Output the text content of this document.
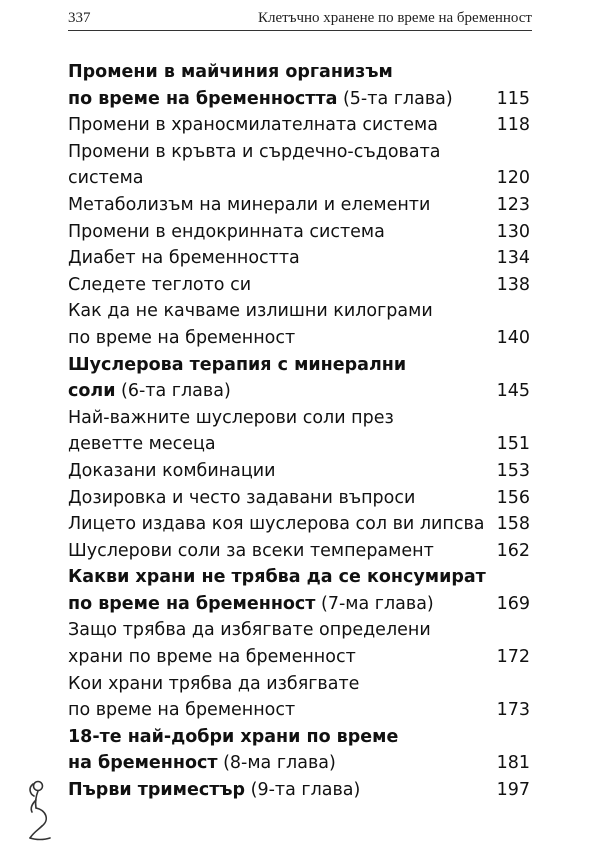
337	Клетъчно хранене по време на бременност
Промени в майчиния организъм
по време на бременността (5-та глава)	115
Промени в храносмилателната система	118
Промени в кръвта и сърдечно-съдовата
система	120
Метаболизъм на минерали и елементи	123
Промени в ендокринната система	130
Диабет на бременността	134
Следете теглото си	138
Как да не качваме излишни килограми
по време на бременност	140
Шуслерова терапия с минерални
соли (6-та глава)	145
Най-важните шуслерови соли през
деветте месеца	151
Доказани комбинации	153
Дозировка и често задавани въпроси	156
Лицето издава коя шуслерова сол ви липсва 158
Шуслерови соли за всеки темперамент	162
Какви храни не трябва да се консумират
по време на бременност (7-ма глава)	169
Защо трябва да избягвате определени
храни по време на бременност	172
Кои храни трябва да избягвате
по време на бременност	173
18-те най-добри храни по време
на бременност (8-ма глава)	181
Първи триместър (9-та глава)	197
